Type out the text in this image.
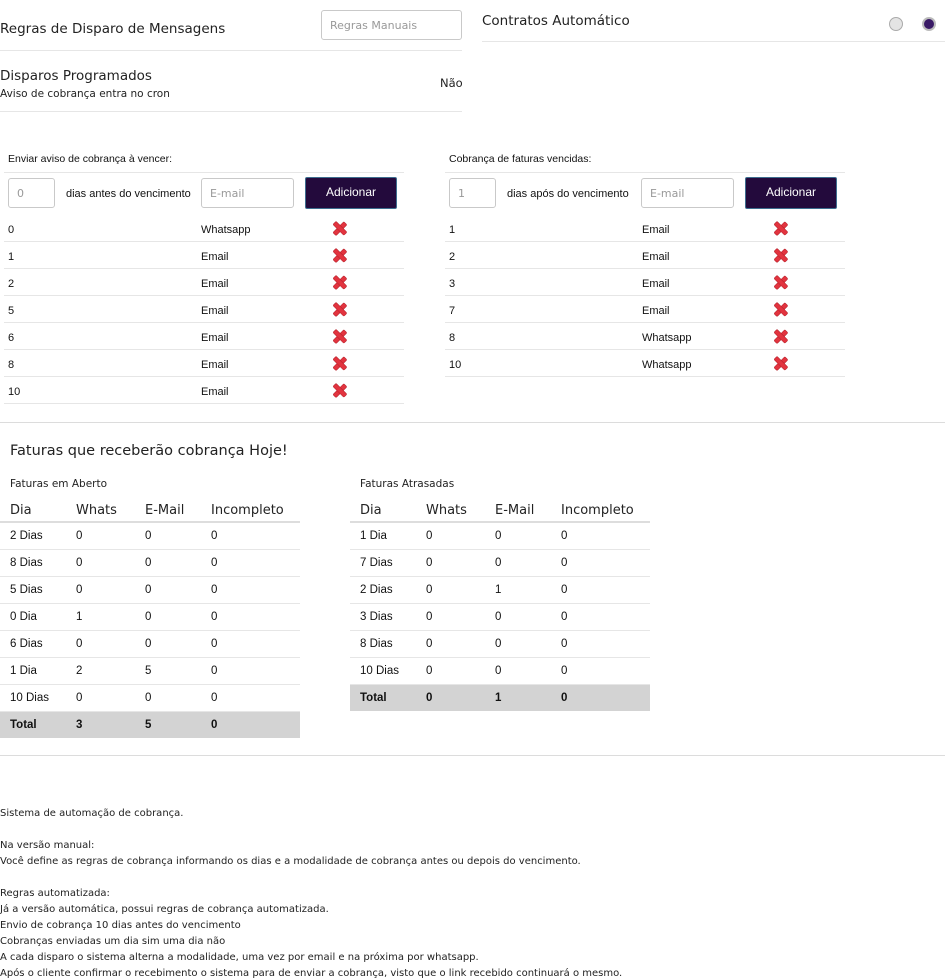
Regras de Disparo de Mensagens
Regras Manuais	Contratos Automático
Disparos Programados
Aviso de cobrança entra no cron
Não
Enviar aviso de cobrança à vencer:
0
dias antes do vencimento
E-mail	Adicionar
0	Whatsapp
1	Email
2	Email
5	Email
6	Email
8	Email
10	Email
Cobrança de faturas vencidas:
1
dias após do vencimento
E-mail	Adicionar
1	Email
2	Email
3	Email
7	Email
8	Whatsapp
10	Whatsapp
Faturas que receberão cobrança Hoje!
Faturas em Aberto
Dia	Whats	E-Mail	Incompleto
2 Dias	0	0	0
8 Dias	0	0	0
5 Dias	0	0	0
0 Dia	1	0	0
6 Dias	0	0	0
1 Dia	2	5	0
10 Dias	0	0	0
Total	3	5	0
Faturas Atrasadas
Dia	Whats	E-Mail	Incompleto
1 Dia	0	0	0
7 Dias	0	0	0
2 Dias	0	1	0
3 Dias	0	0	0
8 Dias	0	0	0
10 Dias	0	0	0
Total	0	1	0
Sistema de automação de cobrança.
Na versão manual:
Você define as regras de cobrança informando os dias e a modalidade de cobrança antes ou depois do vencimento.
Regras automatizada:
Já a versão automática, possui regras de cobrança automatizada.
Envio de cobrança 10 dias antes do vencimento
Cobranças enviadas um dia sim uma dia não
A cada disparo o sistema alterna a modalidade, uma vez por email e na próxima por whatsapp.
Após o cliente confirmar o recebimento o sistema para de enviar a cobrança, visto que o link recebido continuará o mesmo.
